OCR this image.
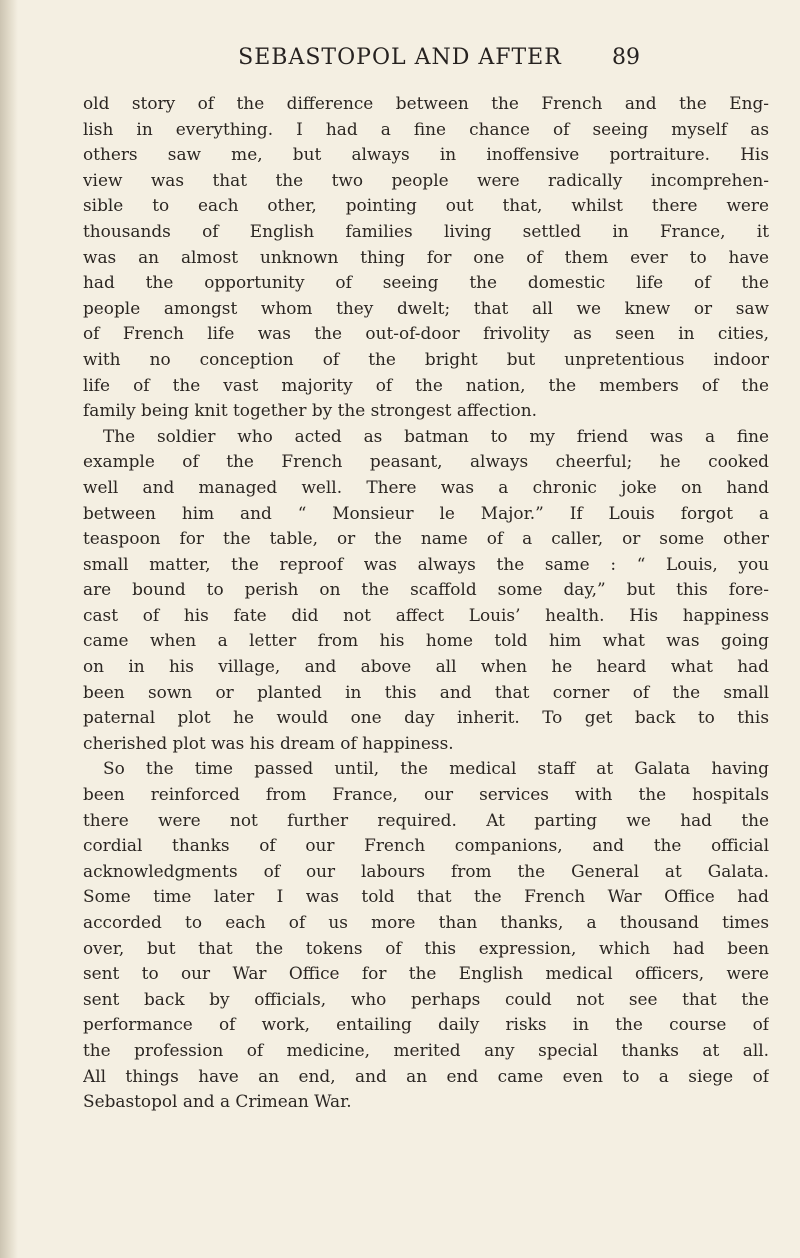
SEBASTOPOL AND AFTER	89
old story of the difference between the French and the Eng-
lish in everything. I had a fine chance of seeing myself as
others saw me, but always in inoffensive portraiture. His
view was that the two people were radically incomprehen-
sible to each other, pointing out that, whilst there were
thousands of English families living settled in France, it
was an almost unknown thing for one of them ever to have
had the opportunity of seeing the domestic life of the
people amongst whom they dwelt; that all we knew or saw
of French life was the out-of-door frivolity as seen in cities,
with no conception of the bright but unpretentious indoor
life of the vast majority of the nation, the members of the
family being knit together by the strongest affection.
The soldier who acted as batman to my friend was a fine
example of the French peasant, always cheerful; he cooked
well and managed well. There was a chronic joke on hand
between him and “ Monsieur le Major.” If Louis forgot a
teaspoon for the table, or the name of a caller, or some other
small matter, the reproof was always the same : “ Louis, you
are bound to perish on the scaffold some day,” but this fore-
cast of his fate did not affect Louis’ health. His happiness
came when a letter from his home told him what was going
on in his village, and above all when he heard what had
been sown or planted in this and that corner of the small
paternal plot he would one day inherit. To get back to this
cherished plot was his dream of happiness.
So the time passed until, the medical staff at Galata having
been reinforced from France, our services with the hospitals
there were not further required. At parting we had the
cordial thanks of our French companions, and the official
acknowledgments of our labours from the General at Galata.
Some time later I was told that the French War Office had
accorded to each of us more than thanks, a thousand times
over, but that the tokens of this expression, which had been
sent to our War Office for the English medical officers, were
sent back by officials, who perhaps could not see that the
performance of work, entailing daily risks in the course of
the profession of medicine, merited any special thanks at all.
All things have an end, and an end came even to a siege of
Sebastopol and a Crimean War.
